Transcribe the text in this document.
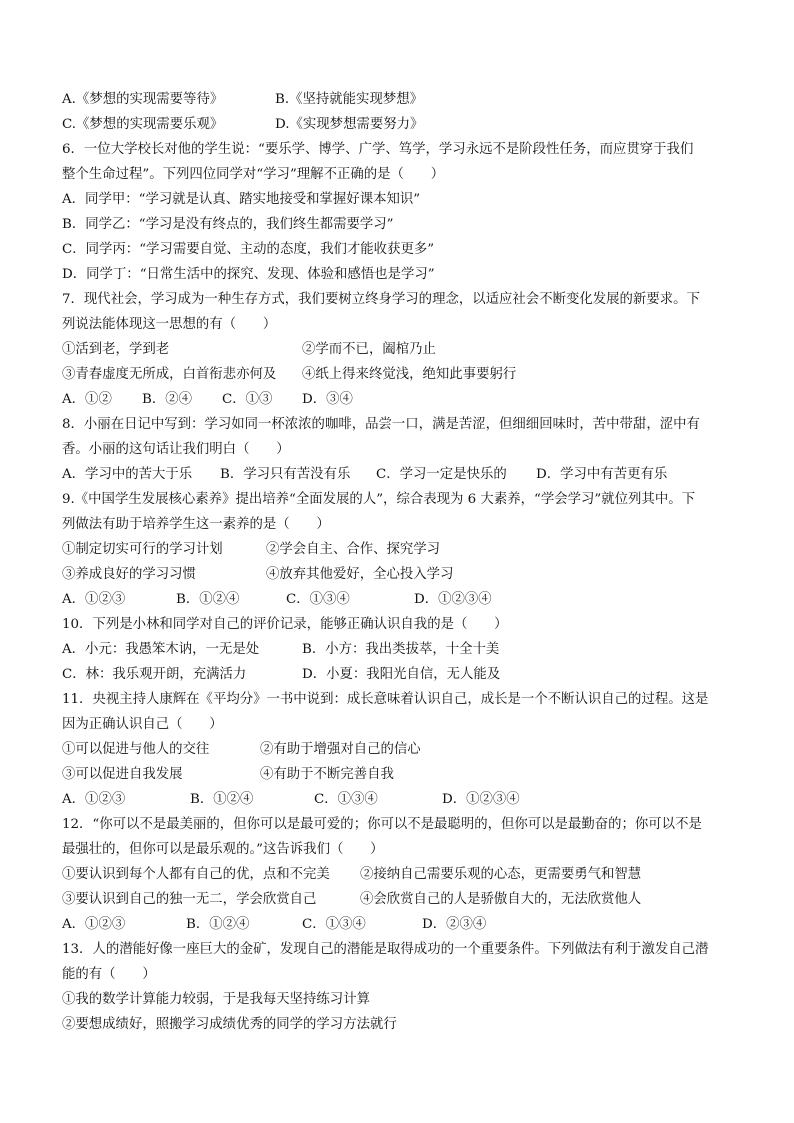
A.《梦想的实现需要等待》	B.《坚持就能实现梦想》
C.《梦想的实现需要乐观》	D.《实现梦想需要努力》
6．一位大学校长对他的学生说：“要乐学、博学、广学、笃学，学习永远不是阶段性任务，而应贯穿于我们
整个生命过程”。下列四位同学对“学习”理解不正确的是（　　）
A．同学甲：“学习就是认真、踏实地接受和掌握好课本知识”
B．同学乙：“学习是没有终点的，我们终生都需要学习”
C．同学丙：“学习需要自觉、主动的态度，我们才能收获更多”
D．同学丁：“日常生活中的探究、发现、体验和感悟也是学习”
7．现代社会，学习成为一种生存方式，我们要树立终身学习的理念，以适应社会不断变化发展的新要求。下
列说法能体现这一思想的有（　　）
①活到老，学到老	②学而不已，阖棺乃止
③青春虚度无所成，白首衔悲亦何及 ④纸上得来终觉浅，绝知此事要躬行
A．①② B．②④ C．①③ D．③④
8．小丽在日记中写到：学习如同一杯浓浓的咖啡，品尝一口，满是苦涩，但细细回味时，苦中带甜，涩中有
香。小丽的这句话让我们明白（　　）
A．学习中的苦大于乐 B．学习只有苦没有乐 C．学习一定是快乐的 D．学习中有苦更有乐
9.《中国学生发展核心素养》提出培养“全面发展的人”，综合表现为 6 大素养，“学会学习”就位列其中。下
列做法有助于培养学生这一素养的是（　　）
①制定切实可行的学习计划	②学会自主、合作、探究学习
③养成良好的学习习惯	④放弃其他爱好，全心投入学习
A．①②③	B．①②④	C．①③④	D．①②③④
10．下列是小林和同学对自己的评价记录，能够正确认识自我的是（　　）
A．小元：我愚笨木讷，一无是处	B．小方：我出类拔萃，十全十美
C．林：我乐观开朗，充满活力	D．小夏：我阳光自信，无人能及
11．央视主持人康辉在《平均分》一书中说到：成长意味着认识自己，成长是一个不断认识自己的过程。这是
因为正确认识自己（　　）
①可以促进与他人的交往	②有助于增强对自己的信心
③可以促进自我发展	④有助于不断完善自我
A．①②③	B．①②④	C．①③④	D．①②③④
12．“你可以不是最美丽的，但你可以是最可爱的；你可以不是最聪明的，但你可以是最勤奋的；你可以不是
最强壮的，但你可以是最乐观的。”这告诉我们（　　）
①要认识到每个人都有自己的优，点和不完美 ②接纳自己需要乐观的心态，更需要勇气和智慧
③要认识到自己的独一无二，学会欣赏自己	④会欣赏自己的人是骄傲自大的，无法欣赏他人
A．①②③	B．①②④	C．①③④	D．②③④
13．人的潜能好像一座巨大的金矿，发现自己的潜能是取得成功的一个重要条件。下列做法有利于激发自己潜
能的有（　　）
①我的数学计算能力较弱，于是我每天坚持练习计算
②要想成绩好，照搬学习成绩优秀的同学的学习方法就行
